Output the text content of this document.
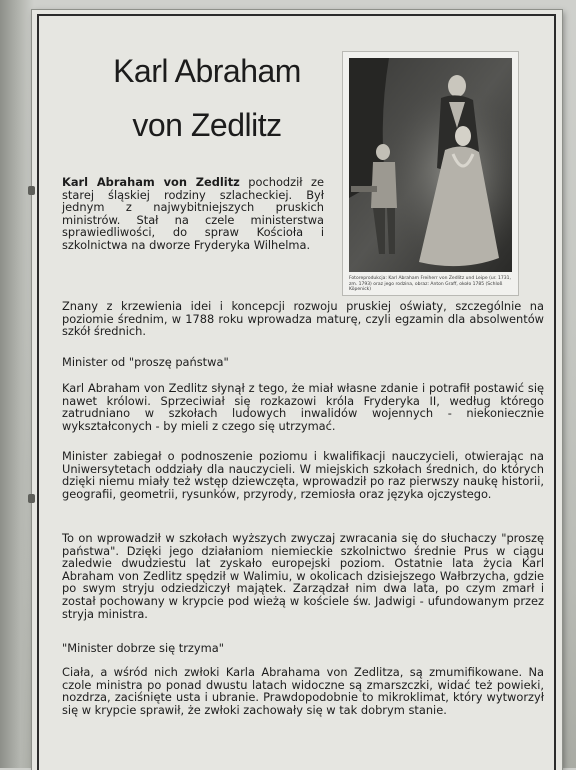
Karl Abraham
von Zedlitz
Fotoreprodukcja: Karl Abraham Freiherr von Zedlitz und Leipe (ur. 1731, zm. 1793) oraz jego rodzina, obraz: Anton Graff, około 1785 (Schloß Köpenick)

Karl Abraham von Zedlitz pochodził ze starej śląskiej rodziny szlacheckiej. Był jednym z najwybitniejszych pruskich ministrów. Stał na czele ministerstwa sprawiedliwości, do spraw Kościoła i szkolnictwa na dworze Fryderyka Wilhelma.

Znany z krzewienia idei i koncepcji rozwoju pruskiej oświaty, szczególnie na poziomie średnim, w 1788 roku wprowadza maturę, czyli egzamin dla absolwentów szkół średnich.

Minister od "proszę państwa"

Karl Abraham von Zedlitz słynął z tego, że miał własne zdanie i potrafił postawić się nawet królowi. Sprzeciwiał się rozkazowi króla Fryderyka II, według którego zatrudniano w szkołach ludowych inwalidów wojennych - niekoniecznie wykształconych - by mieli z czego się utrzymać.

Minister zabiegał o podnoszenie poziomu i kwalifikacji nauczycieli, otwierając na Uniwersytetach oddziały dla nauczycieli. W miejskich szkołach średnich, do których dzięki niemu miały też wstęp dziewczęta, wprowadził po raz pierwszy naukę historii, geografii, geometrii, rysunków, przyrody, rzemiosła oraz języka ojczystego.

To on wprowadził w szkołach wyższych zwyczaj zwracania się do słuchaczy "proszę państwa". Dzięki jego działaniom niemieckie szkolnictwo średnie Prus w ciągu zaledwie dwudziestu lat zyskało europejski poziom. Ostatnie lata życia Karl Abraham von Zedlitz spędził w Walimiu, w okolicach dzisiejszego Wałbrzycha, gdzie po swym stryju odziedziczył majątek. Zarządzał nim dwa lata, po czym zmarł i został pochowany w krypcie pod wieżą w kościele św. Jadwigi - ufundowanym przez stryja ministra.

"Minister dobrze się trzyma"

Ciała, a wśród nich zwłoki Karla Abrahama von Zedlitza, są zmumifikowane. Na czole ministra po ponad dwustu latach widoczne są zmarszczki, widać też powieki, nozdrza, zaciśnięte usta i ubranie. Prawdopodobnie to mikroklimat, który wytworzył się w krypcie sprawił, że zwłoki zachowały się w tak dobrym stanie.
